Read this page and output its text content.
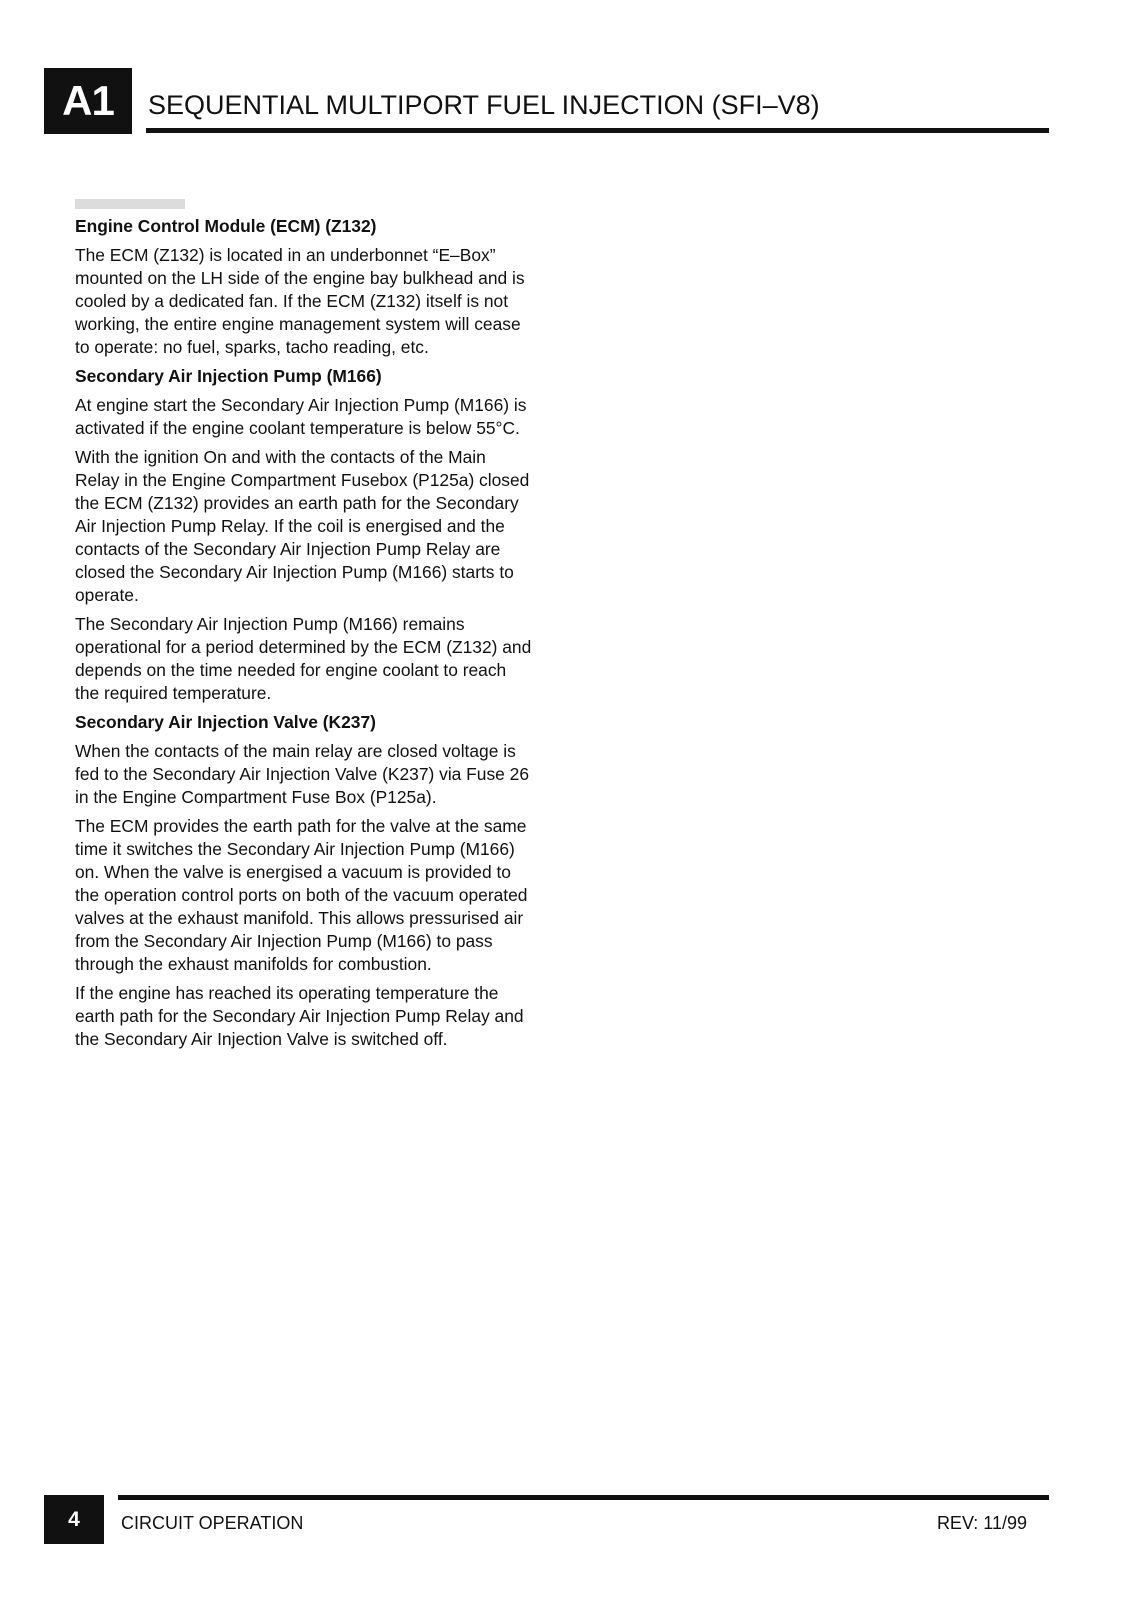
A1	SEQUENTIAL MULTIPORT FUEL INJECTION (SFI–V8)
Engine Control Module (ECM) (Z132)

The ECM (Z132) is located in an underbonnet “E–Box” mounted on the LH side of the engine bay bulkhead and is cooled by a dedicated fan. If the ECM (Z132) itself is not working, the entire engine management system will cease to operate: no fuel, sparks, tacho reading, etc.

Secondary Air Injection Pump (M166)

At engine start the Secondary Air Injection Pump (M166) is activated if the engine coolant temperature is below 55°C.

With the ignition On and with the contacts of the Main Relay in the Engine Compartment Fusebox (P125a) closed the ECM (Z132) provides an earth path for the Secondary Air Injection Pump Relay. If the coil is energised and the contacts of the Secondary Air Injection Pump Relay are closed the Secondary Air Injection Pump (M166) starts to operate.

The Secondary Air Injection Pump (M166) remains operational for a period determined by the ECM (Z132) and depends on the time needed for engine coolant to reach the required temperature.

Secondary Air Injection Valve (K237)

When the contacts of the main relay are closed voltage is fed to the Secondary Air Injection Valve (K237) via Fuse 26 in the Engine Compartment Fuse Box (P125a).

The ECM provides the earth path for the valve at the same time it switches the Secondary Air Injection Pump (M166) on. When the valve is energised a vacuum is provided to the operation control ports on both of the vacuum operated valves at the exhaust manifold. This allows pressurised air from the Secondary Air Injection Pump (M166) to pass through the exhaust manifolds for combustion.

If the engine has reached its operating temperature the earth path for the Secondary Air Injection Pump Relay and the Secondary Air Injection Valve is switched off.

4	CIRCUIT OPERATION	REV: 11/99
